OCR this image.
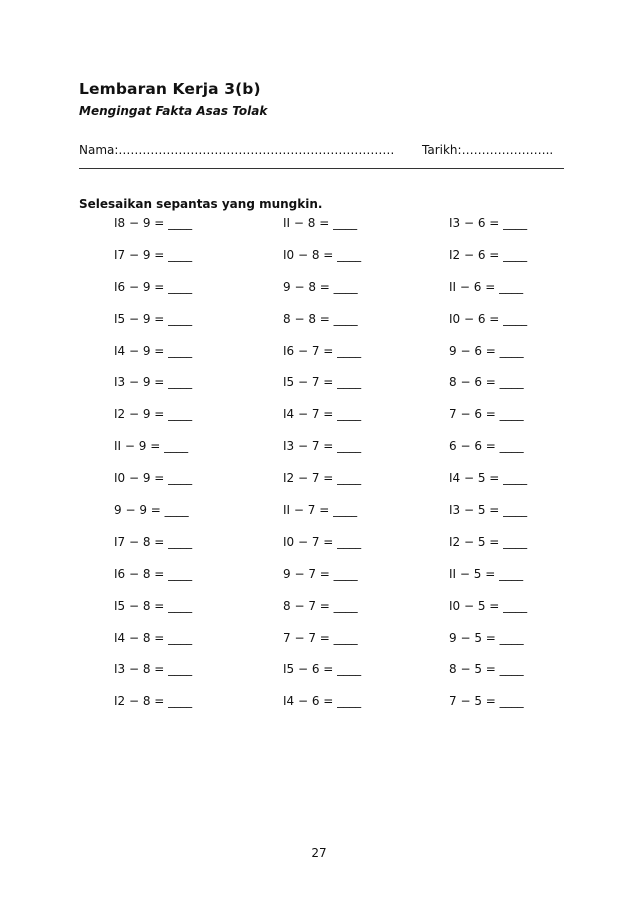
Lembaran Kerja 3(b)
Mengingat Fakta Asas Tolak
Nama:…………………………………………………………… Tarikh:…………………..
Selesaikan sepantas yang mungkin.
I8 − 9 = ____
I7 − 9 = ____
I6 − 9 = ____
I5 − 9 = ____
I4 − 9 = ____
I3 − 9 = ____
I2 − 9 = ____
II − 9 = ____
I0 − 9 = ____
9 − 9 = ____
I7 − 8 = ____
I6 − 8 = ____
I5 − 8 = ____
I4 − 8 = ____
I3 − 8 = ____
I2 − 8 = ____
II − 8 = ____
I0 − 8 = ____
9 − 8 = ____
8 − 8 = ____
I6 − 7 = ____
I5 − 7 = ____
I4 − 7 = ____
I3 − 7 = ____
I2 − 7 = ____
II − 7 = ____
I0 − 7 = ____
9 − 7 = ____
8 − 7 = ____
7 − 7 = ____
I5 − 6 = ____
I4 − 6 = ____
I3 − 6 = ____
I2 − 6 = ____
II − 6 = ____
I0 − 6 = ____
9 − 6 = ____
8 − 6 = ____
7 − 6 = ____
6 − 6 = ____
I4 − 5 = ____
I3 − 5 = ____
I2 − 5 = ____
II − 5 = ____
I0 − 5 = ____
9 − 5 = ____
8 − 5 = ____
7 − 5 = ____
27
